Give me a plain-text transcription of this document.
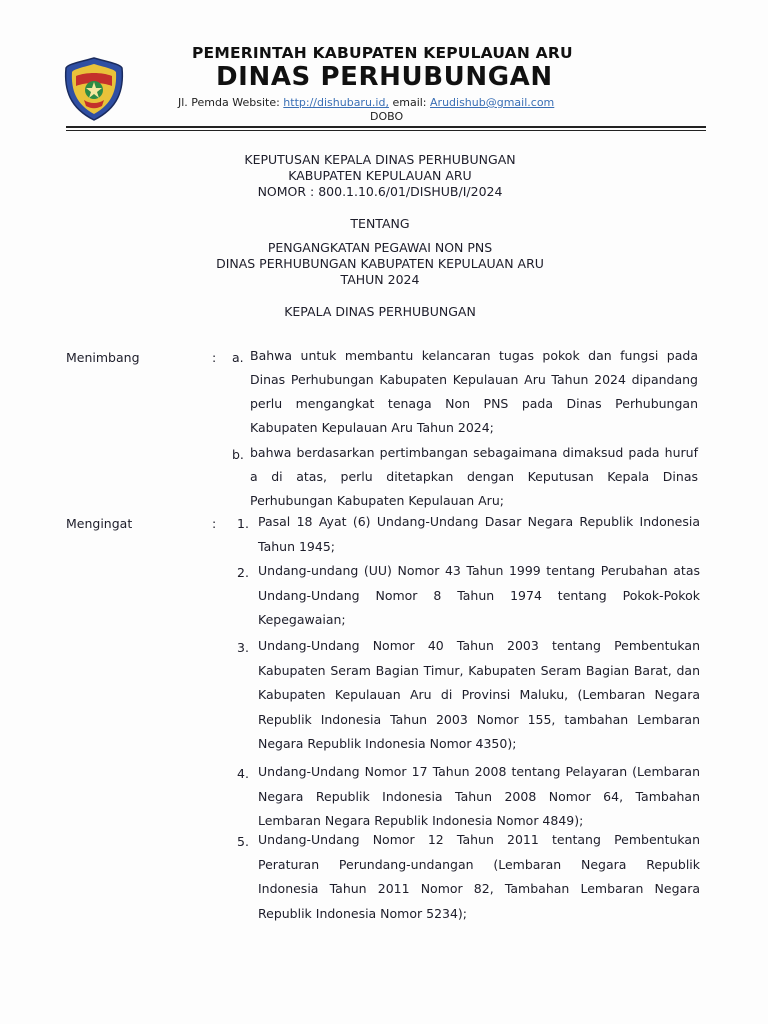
PEMERINTAH KABUPATEN KEPULAUAN ARU
DINAS PERHUBUNGAN
Jl. Pemda Website: http://dishubaru.id, email: Arudishub@gmail.com
DOBO
KEPUTUSAN KEPALA DINAS PERHUBUNGAN
KABUPATEN KEPULAUAN ARU
NOMOR : 800.1.10.6/01/DISHUB/I/2024
TENTANG
PENGANGKATAN PEGAWAI NON PNS
DINAS PERHUBUNGAN KABUPATEN KEPULAUAN ARU
TAHUN 2024
KEPALA DINAS PERHUBUNGAN
Menimbang	: a. Bahwa untuk membantu kelancaran tugas pokok dan fungsi pada Dinas Perhubungan Kabupaten Kepulauan Aru Tahun 2024 dipandang perlu mengangkat tenaga Non PNS pada Dinas Perhubungan Kabupaten Kepulauan Aru Tahun 2024;
b. bahwa berdasarkan pertimbangan sebagaimana dimaksud pada huruf a di atas, perlu ditetapkan dengan Keputusan Kepala Dinas Perhubungan Kabupaten Kepulauan Aru;
Mengingat	: 1. Pasal 18 Ayat (6) Undang-Undang Dasar Negara Republik Indonesia Tahun 1945;
2. Undang-undang (UU) Nomor 43 Tahun 1999 tentang Perubahan atas Undang-Undang Nomor 8 Tahun 1974 tentang Pokok-Pokok Kepegawaian;
3. Undang-Undang Nomor 40 Tahun 2003 tentang Pembentukan Kabupaten Seram Bagian Timur, Kabupaten Seram Bagian Barat, dan Kabupaten Kepulauan Aru di Provinsi Maluku, (Lembaran Negara Republik Indonesia Tahun 2003 Nomor 155, tambahan Lembaran Negara Republik Indonesia Nomor 4350);
4. Undang-Undang Nomor 17 Tahun 2008 tentang Pelayaran (Lembaran Negara Republik Indonesia Tahun 2008 Nomor 64, Tambahan Lembaran Negara Republik Indonesia Nomor 4849);
5. Undang-Undang Nomor 12 Tahun 2011 tentang Pembentukan Peraturan Perundang-undangan (Lembaran Negara Republik Indonesia Tahun 2011 Nomor 82, Tambahan Lembaran Negara Republik Indonesia Nomor 5234);
